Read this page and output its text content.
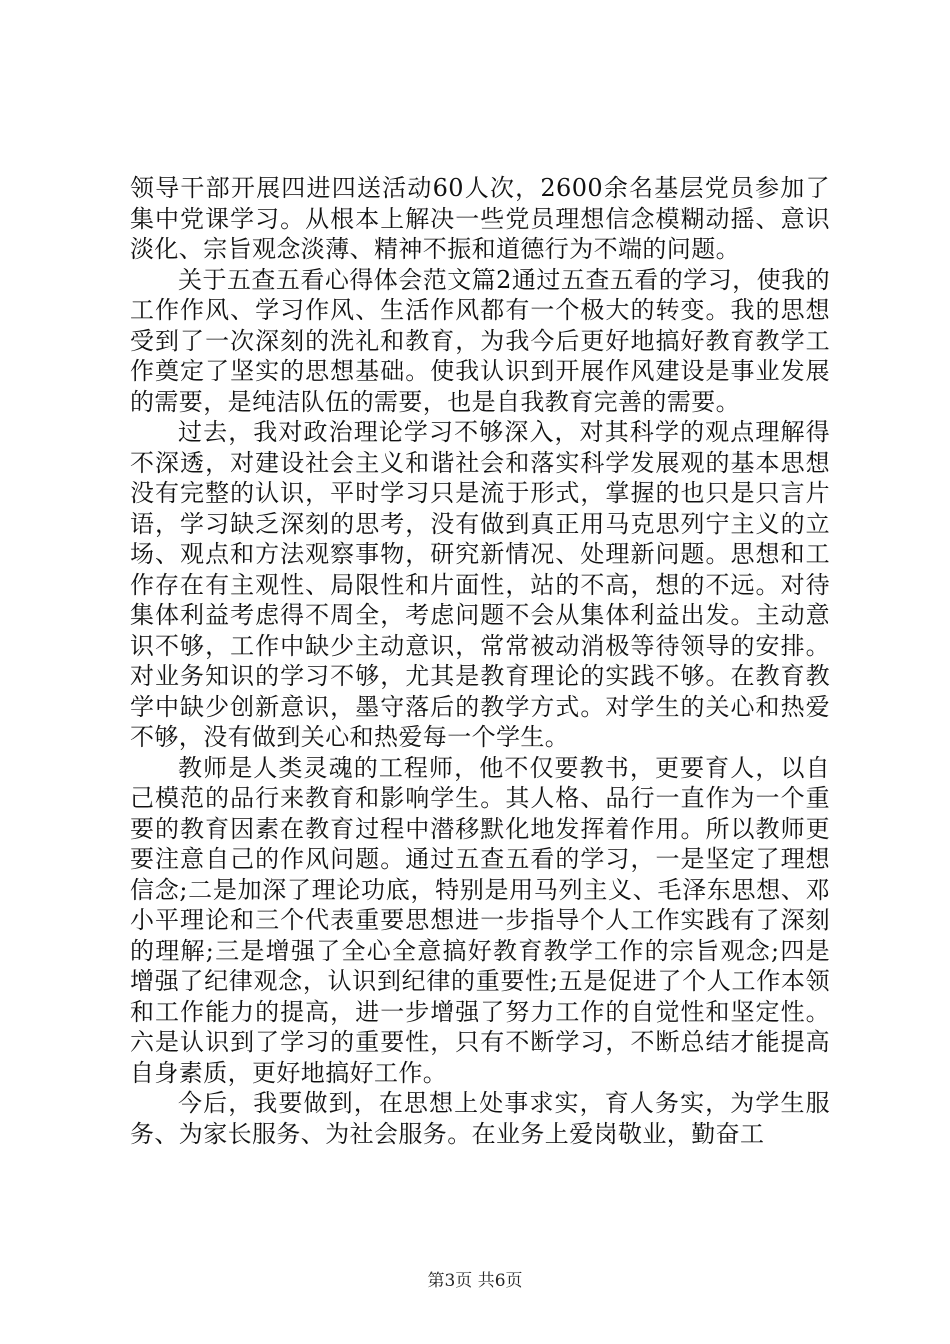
领导干部开展四进四送活动60人次，2600余名基层党员参加了集中党课学习。从根本上解决一些党员理想信念模糊动摇、意识淡化、宗旨观念淡薄、精神不振和道德行为不端的问题。

关于五查五看心得体会范文篇2通过五查五看的学习，使我的工作作风、学习作风、生活作风都有一个极大的转变。我的思想受到了一次深刻的洗礼和教育，为我今后更好地搞好教育教学工作奠定了坚实的思想基础。使我认识到开展作风建设是事业发展的需要，是纯洁队伍的需要，也是自我教育完善的需要。

过去，我对政治理论学习不够深入，对其科学的观点理解得不深透，对建设社会主义和谐社会和落实科学发展观的基本思想没有完整的认识，平时学习只是流于形式，掌握的也只是只言片语，学习缺乏深刻的思考，没有做到真正用马克思列宁主义的立场、观点和方法观察事物，研究新情况、处理新问题。思想和工作存在有主观性、局限性和片面性，站的不高，想的不远。对待集体利益考虑得不周全，考虑问题不会从集体利益出发。主动意识不够，工作中缺少主动意识，常常被动消极等待领导的安排。对业务知识的学习不够，尤其是教育理论的实践不够。在教育教学中缺少创新意识，墨守落后的教学方式。对学生的关心和热爱不够，没有做到关心和热爱每一个学生。

教师是人类灵魂的工程师，他不仅要教书，更要育人，以自己模范的品行来教育和影响学生。其人格、品行一直作为一个重要的教育因素在教育过程中潜移默化地发挥着作用。所以教师更要注意自己的作风问题。通过五查五看的学习，一是坚定了理想信念;二是加深了理论功底，特别是用马列主义、毛泽东思想、邓小平理论和三个代表重要思想进一步指导个人工作实践有了深刻的理解;三是增强了全心全意搞好教育教学工作的宗旨观念;四是增强了纪律观念，认识到纪律的重要性;五是促进了个人工作本领和工作能力的提高，进一步增强了努力工作的自觉性和坚定性。六是认识到了学习的重要性，只有不断学习，不断总结才能提高自身素质，更好地搞好工作。

今后，我要做到，在思想上处事求实，育人务实，为学生服务、为家长服务、为社会服务。在业务上爱岗敬业，勤奋工

第3页 共6页
